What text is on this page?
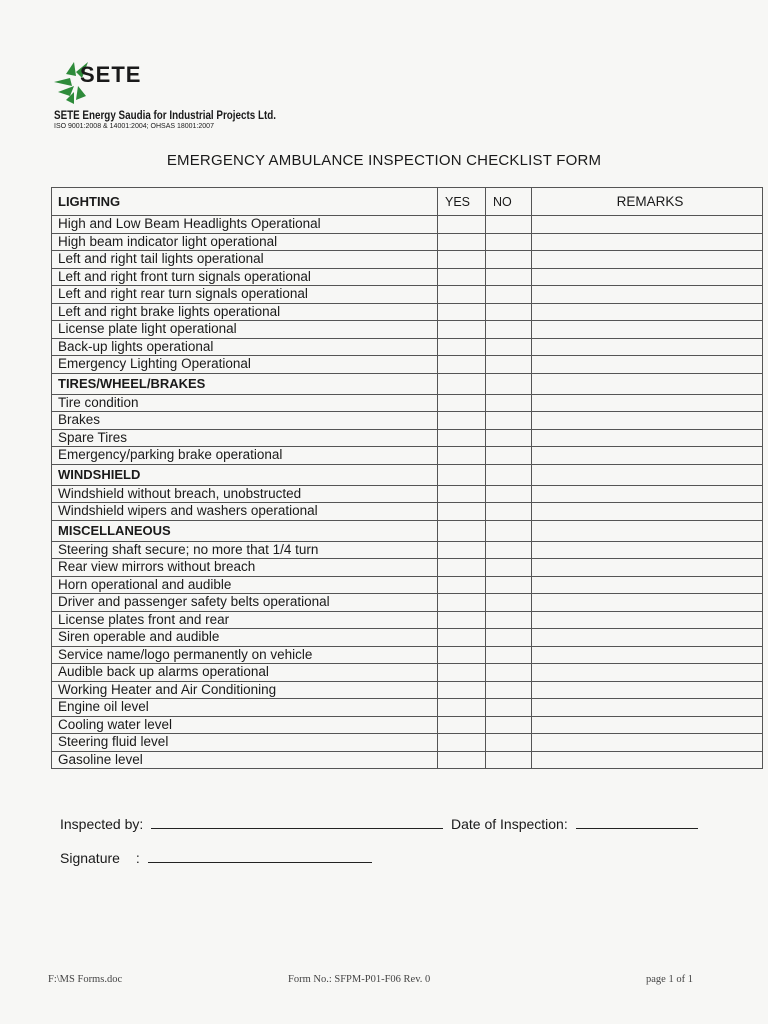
SETE
SETE Energy Saudia for Industrial Projects Ltd.
ISO 9001:2008 & 14001:2004; OHSAS 18001:2007
EMERGENCY AMBULANCE INSPECTION CHECKLIST FORM
LIGHTING	YES	NO	REMARKS
High and Low Beam Headlights Operational			
High beam indicator light operational			
Left and right tail lights operational			
Left and right front turn signals operational			
Left and right rear turn signals operational			
Left and right brake lights operational			
License plate light operational			
Back-up lights operational			
Emergency Lighting Operational			
TIRES/WHEEL/BRAKES			
Tire condition			
Brakes			
Spare Tires			
Emergency/parking brake operational			
WINDSHIELD			
Windshield without breach, unobstructed			
Windshield wipers and washers operational			
MISCELLANEOUS			
Steering shaft secure; no more that 1/4 turn			
Rear view mirrors without breach			
Horn operational and audible			
Driver and passenger safety belts operational			
License plates front and rear			
Siren operable and audible			
Service name/logo permanently on vehicle			
Audible back up alarms operational			
Working Heater and Air Conditioning			
Engine oil level			
Cooling water level			
Steering fluid level			
Gasoline level			
Inspected by:	Date of Inspection:
Signature :
F:\MS Forms.doc	Form No.: SFPM-P01-F06 Rev. 0	page 1 of 1
